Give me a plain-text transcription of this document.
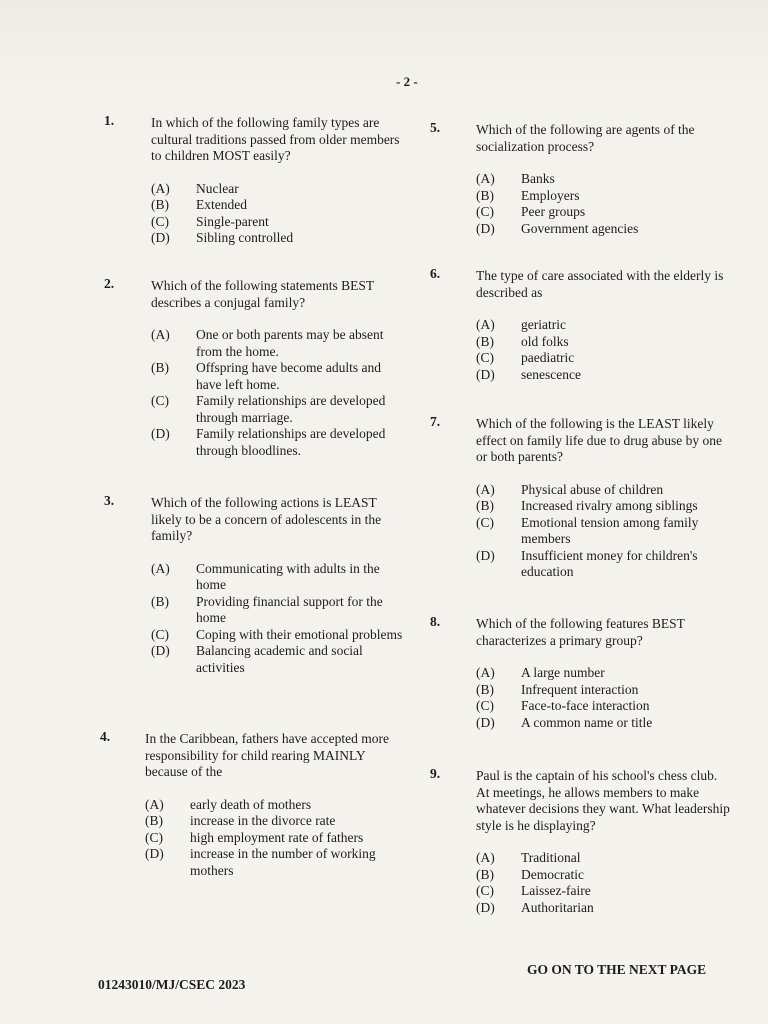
- 2 -
1.	In which of the following family types are cultural traditions passed from older members to children MOST easily?
(A)	Nuclear
(B)	Extended
(C)	Single-parent
(D)	Sibling controlled
2.	Which of the following statements BEST describes a conjugal family?
(A)	One or both parents may be absent from the home.
(B)	Offspring have become adults and have left home.
(C)	Family relationships are developed through marriage.
(D)	Family relationships are developed through bloodlines.
3.	Which of the following actions is LEAST likely to be a concern of adolescents in the family?
(A)	Communicating with adults in the home
(B)	Providing financial support for the home
(C)	Coping with their emotional problems
(D)	Balancing academic and social activities
4.	In the Caribbean, fathers have accepted more responsibility for child rearing MAINLY because of the
(A)	early death of mothers
(B)	increase in the divorce rate
(C)	high employment rate of fathers
(D)	increase in the number of working mothers
5.	Which of the following are agents of the socialization process?
(A)	Banks
(B)	Employers
(C)	Peer groups
(D)	Government agencies
6.	The type of care associated with the elderly is described as
(A)	geriatric
(B)	old folks
(C)	paediatric
(D)	senescence
7.	Which of the following is the LEAST likely effect on family life due to drug abuse by one or both parents?
(A)	Physical abuse of children
(B)	Increased rivalry among siblings
(C)	Emotional tension among family members
(D)	Insufficient money for children's education
8.	Which of the following features BEST characterizes a primary group?
(A)	A large number
(B)	Infrequent interaction
(C)	Face-to-face interaction
(D)	A common name or title
9.	Paul is the captain of his school's chess club. At meetings, he allows members to make whatever decisions they want. What leadership style is he displaying?
(A)	Traditional
(B)	Democratic
(C)	Laissez-faire
(D)	Authoritarian
GO ON TO THE NEXT PAGE
01243010/MJ/CSEC 2023
